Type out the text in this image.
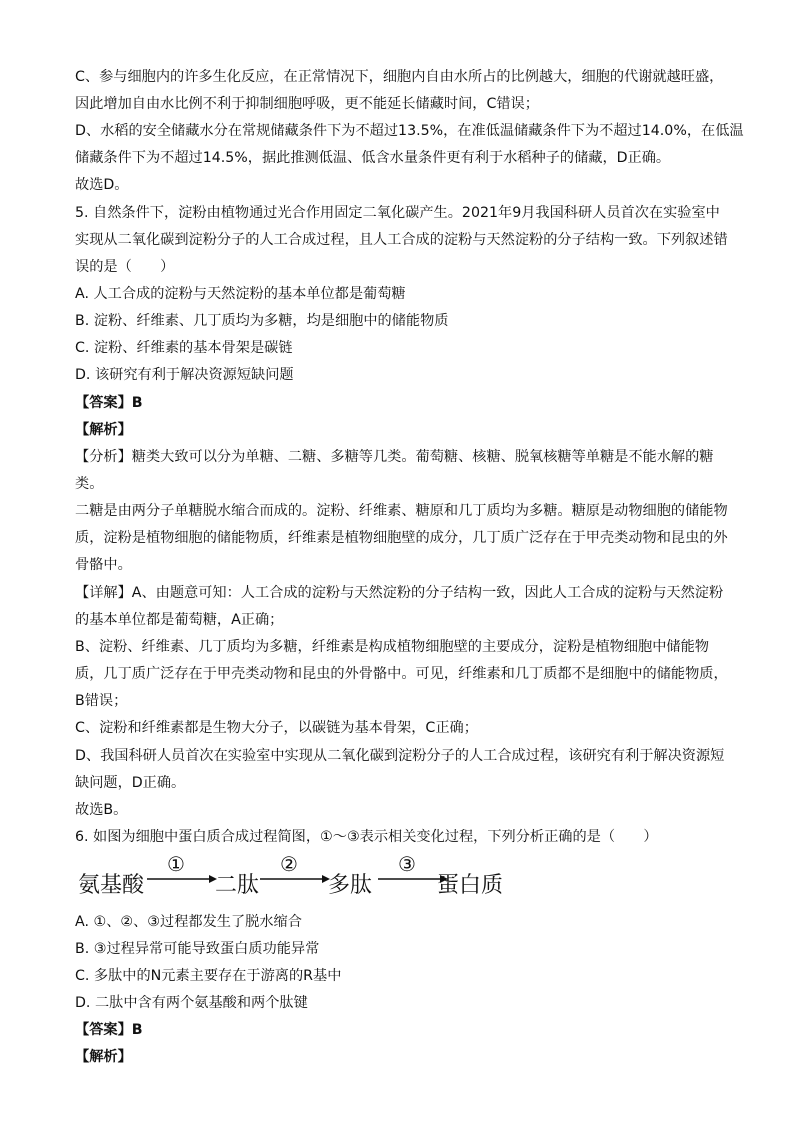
C、参与细胞内的许多生化反应，在正常情况下，细胞内自由水所占的比例越大，细胞的代谢就越旺盛，
因此增加自由水比例不利于抑制细胞呼吸，更不能延长储藏时间，C错误；
D、水稻的安全储藏水分在常规储藏条件下为不超过13.5%，在准低温储藏条件下为不超过14.0%，在低温
储藏条件下为不超过14.5%，据此推测低温、低含水量条件更有利于水稻种子的储藏，D正确。
故选D。
5. 自然条件下，淀粉由植物通过光合作用固定二氧化碳产生。2021年9月我国科研人员首次在实验室中
实现从二氧化碳到淀粉分子的人工合成过程，且人工合成的淀粉与天然淀粉的分子结构一致。下列叙述错
误的是（　　）
A. 人工合成的淀粉与天然淀粉的基本单位都是葡萄糖
B. 淀粉、纤维素、几丁质均为多糖，均是细胞中的储能物质
C. 淀粉、纤维素的基本骨架是碳链
D. 该研究有利于解决资源短缺问题
【答案】B
【解析】
【分析】糖类大致可以分为单糖、二糖、多糖等几类。葡萄糖、核糖、脱氧核糖等单糖是不能水解的糖
类。
二糖是由两分子单糖脱水缩合而成的。淀粉、纤维素、糖原和几丁质均为多糖。糖原是动物细胞的储能物
质，淀粉是植物细胞的储能物质，纤维素是植物细胞壁的成分，几丁质广泛存在于甲壳类动物和昆虫的外
骨骼中。
【详解】A、由题意可知：人工合成的淀粉与天然淀粉的分子结构一致，因此人工合成的淀粉与天然淀粉
的基本单位都是葡萄糖，A正确；
B、淀粉、纤维素、几丁质均为多糖，纤维素是构成植物细胞壁的主要成分，淀粉是植物细胞中储能物
质，几丁质广泛存在于甲壳类动物和昆虫的外骨骼中。可见，纤维素和几丁质都不是细胞中的储能物质，
B错误；
C、淀粉和纤维素都是生物大分子，以碳链为基本骨架，C正确；
D、我国科研人员首次在实验室中实现从二氧化碳到淀粉分子的人工合成过程，该研究有利于解决资源短
缺问题，D正确。
故选B。
6. 如图为细胞中蛋白质合成过程简图，①～③表示相关变化过程，下列分析正确的是（　　）
氨基酸
①
二肽
②
多肽
③
蛋白质
A. ①、②、③过程都发生了脱水缩合
B. ③过程异常可能导致蛋白质功能异常
C. 多肽中的N元素主要存在于游离的R基中
D. 二肽中含有两个氨基酸和两个肽键
【答案】B
【解析】
